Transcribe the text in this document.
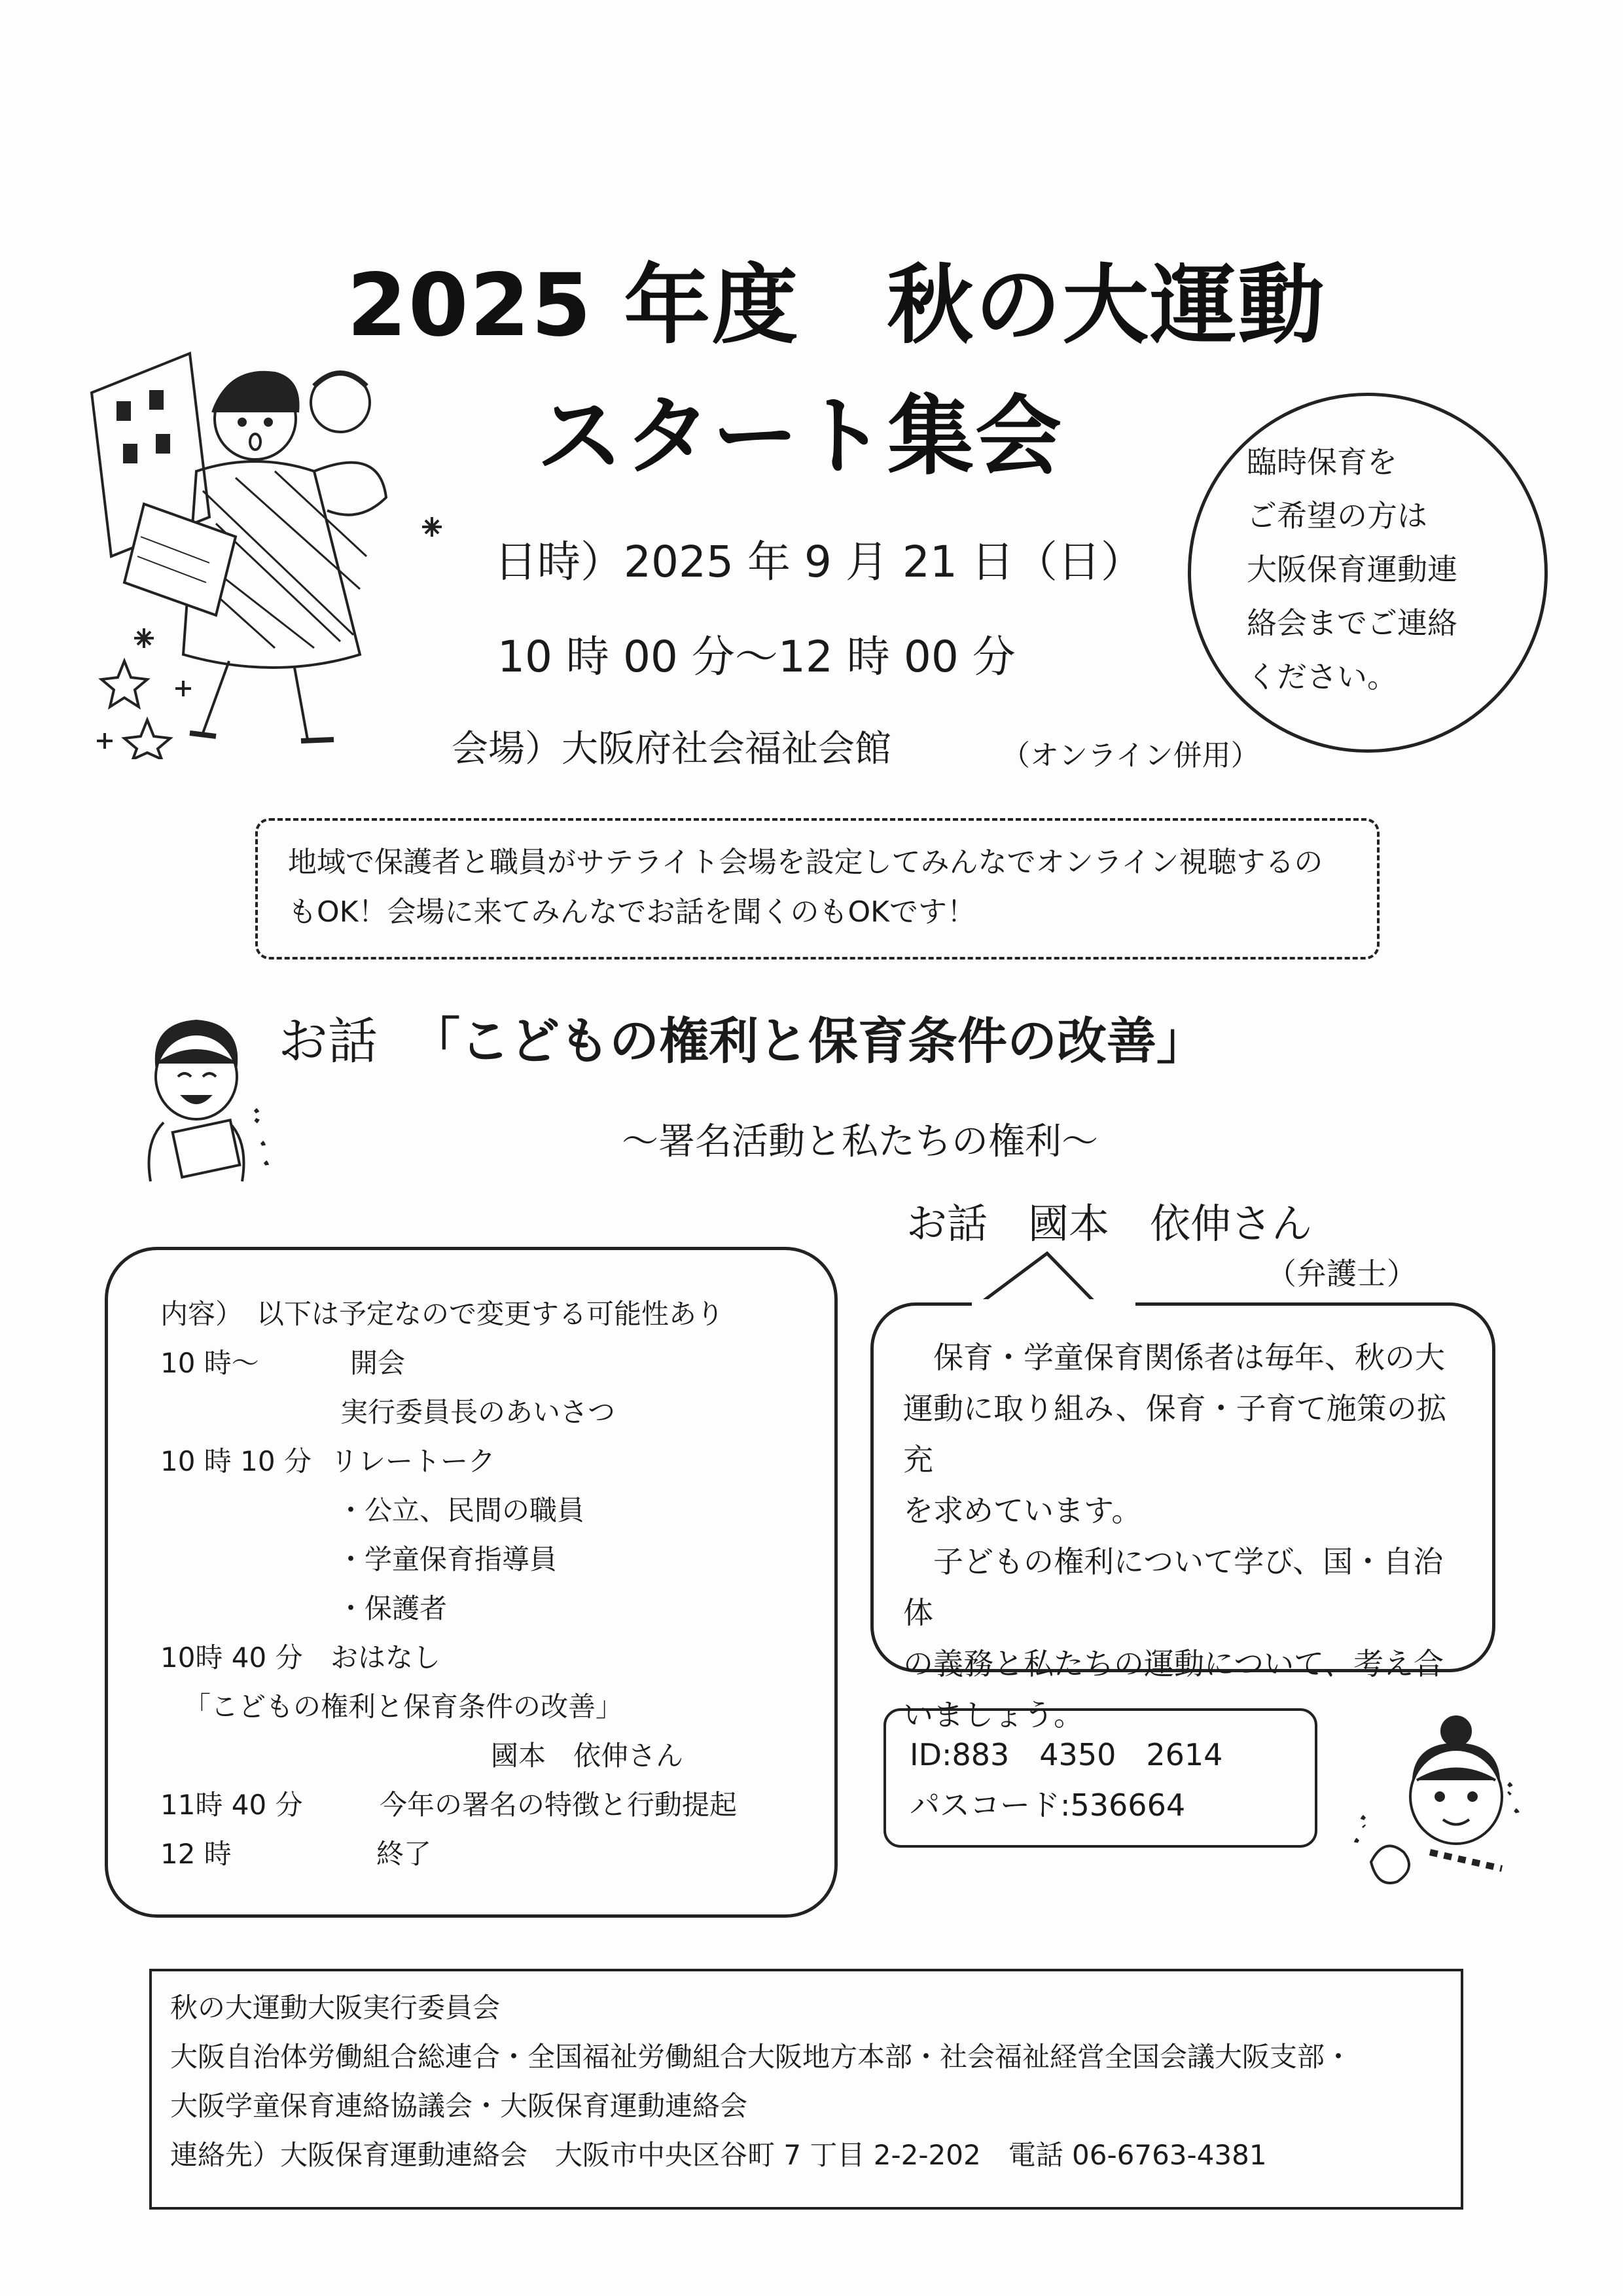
2025 年度　秋の大運動
スタート集会
日時）2025 年 9 月 21 日（日）
10 時 00 分～12 時 00 分
会場）大阪府社会福祉会館	（オンライン併用）
臨時保育を
ご希望の方は
大阪保育運動連
絡会までご連絡
ください。
地域で保護者と職員がサテライト会場を設定してみんなでオンライン視聴するの
もOK！会場に来てみんなでお話を聞くのもOKです！
お話 「こどもの権利と保育条件の改善」
～署名活動と私たちの権利～
お話　國本　依伸さん
（弁護士）
内容）　以下は予定なので変更する可能性あり
10 時～	開会
実行委員長のあいさつ
10 時 10 分 リレートーク
・公立、民間の職員
・学童保育指導員
・保護者
10時 40 分 おはなし
「こどもの権利と保育条件の改善」
國本　依伸さん
11時 40 分	今年の署名の特徴と行動提起
12 時	終了
　保育・学童保育関係者は毎年、秋の大
運動に取り組み、保育・子育て施策の拡充
を求めています。
　子どもの権利について学び、国・自治体
の義務と私たちの運動について、考え合
いましょう。
ID:883　4350　2614
パスコード:536664
秋の大運動大阪実行委員会
大阪自治体労働組合総連合・全国福祉労働組合大阪地方本部・社会福祉経営全国会議大阪支部・
大阪学童保育連絡協議会・大阪保育運動連絡会
連絡先）大阪保育運動連絡会　大阪市中央区谷町 7 丁目 2-2-202　電話 06-6763-4381
